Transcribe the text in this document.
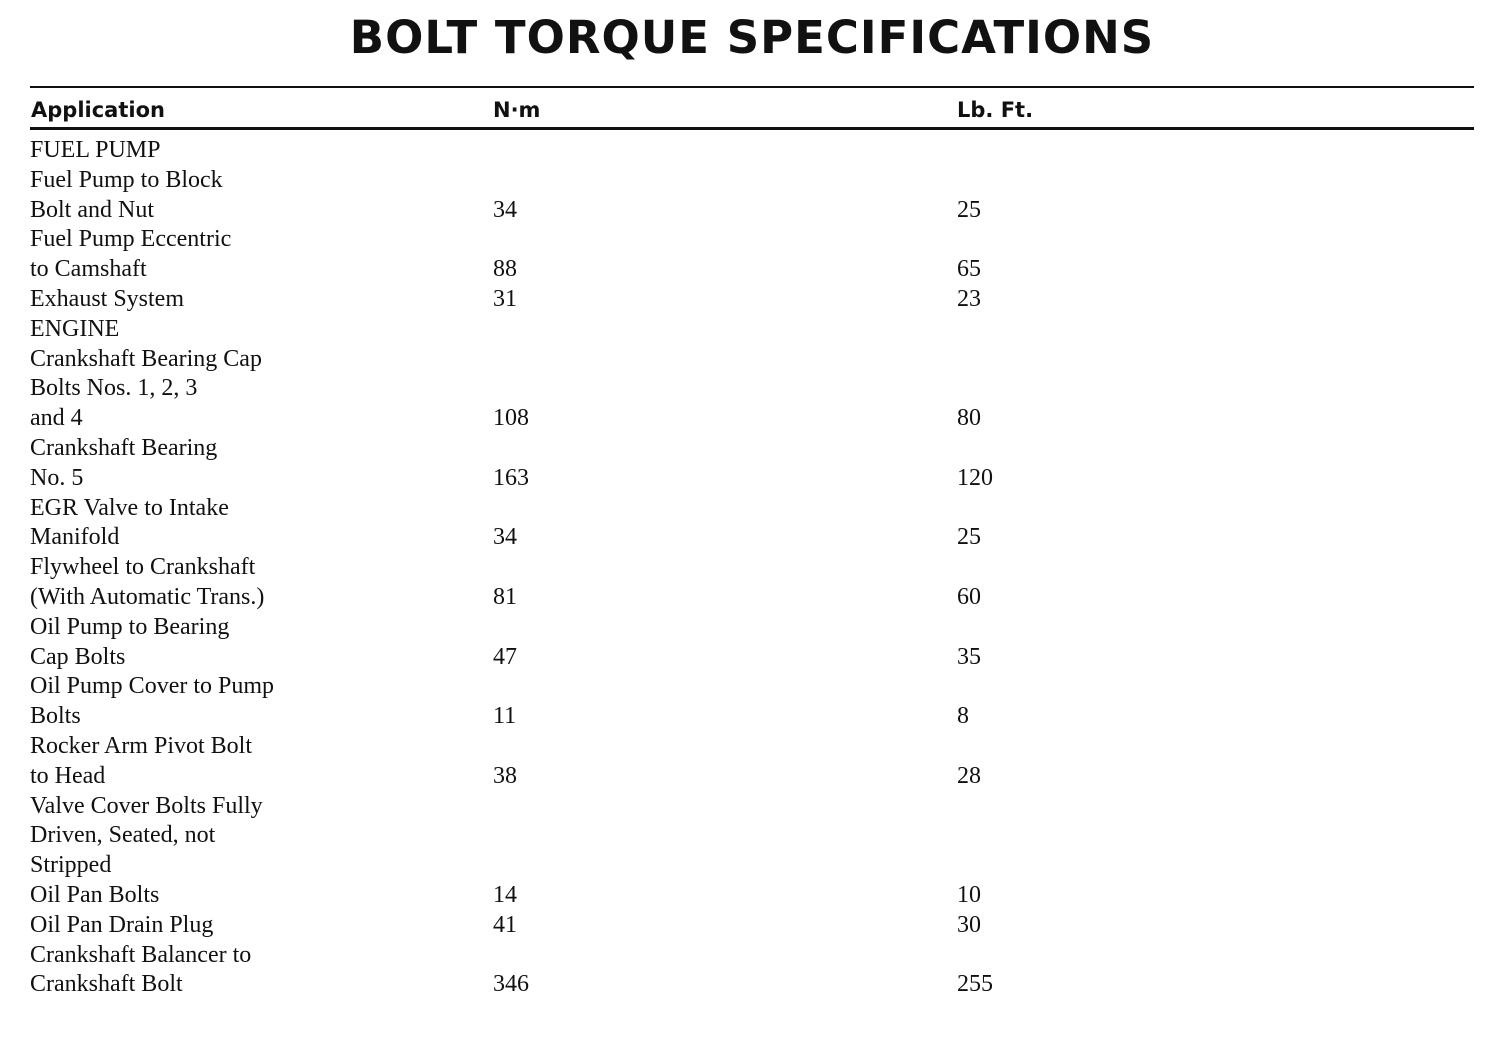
BOLT TORQUE SPECIFICATIONS
Application	N·m	Lb. Ft.
FUEL PUMP
Fuel Pump to Block
Bolt and Nut	34	25
Fuel Pump Eccentric
to Camshaft	88	65
Exhaust System	31	23
ENGINE
Crankshaft Bearing Cap
Bolts Nos. 1, 2, 3
and 4	108	80
Crankshaft Bearing
No. 5	163	120
EGR Valve to Intake
Manifold	34	25
Flywheel to Crankshaft
(With Automatic Trans.)	81	60
Oil Pump to Bearing
Cap Bolts	47	35
Oil Pump Cover to Pump
Bolts	11	8
Rocker Arm Pivot Bolt
to Head	38	28
Valve Cover Bolts Fully
Driven, Seated, not
Stripped
Oil Pan Bolts	14	10
Oil Pan Drain Plug	41	30
Crankshaft Balancer to
Crankshaft Bolt	346	255
